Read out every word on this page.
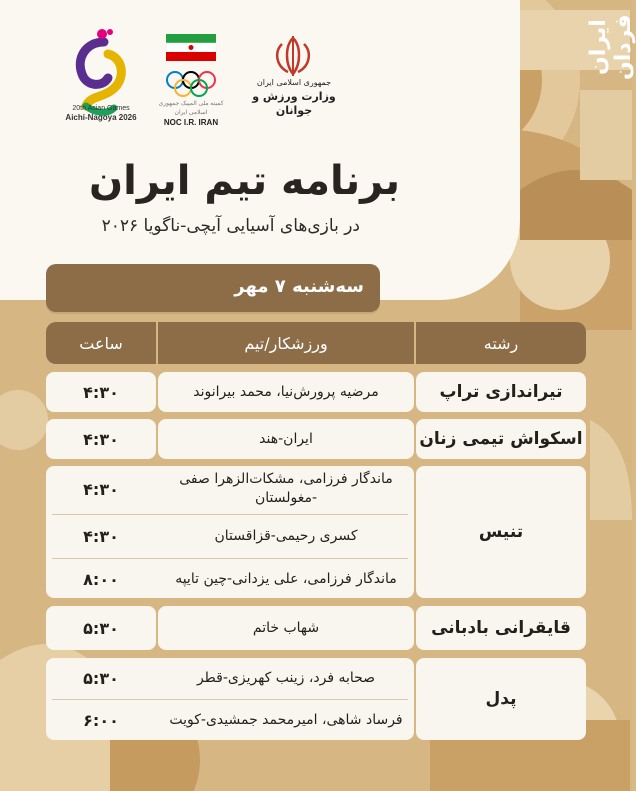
20th Asian Games
Aichi-Nagoya 2026
کمیته ملی المپیک جمهوری اسلامی ایران
NOC I.R. IRAN
جمهوری اسلامی ایران
وزارت ورزش و جوانان
ایران فردان
برنامه تیم ایران
در بازی‌های آسیایی آیچی-ناگویا ۲۰۲۶
سه‌شنبه ۷ مهر
رشته
ورزشکار/تیم
ساعت
تیراندازی تراپ
مرضیه پرورش‌نیا، محمد بیرانوند
۴:۳۰
اسکواش تیمی زنان
ایران-هند
۴:۳۰
تنیس
ماندگار فرزامی، مشکات‌الزهرا صفی -مغولستان
۴:۳۰
کسری رحیمی-قزاقستان
۴:۳۰
ماندگار فرزامی، علی یزدانی-چین تایپه
۸:۰۰
قایقرانی بادبانی
شهاب خاتم
۵:۳۰
پدل
صحابه فرد، زینب کهریزی-قطر
۵:۳۰
فرساد شاهی، امیرمحمد جمشیدی-کویت
۶:۰۰
